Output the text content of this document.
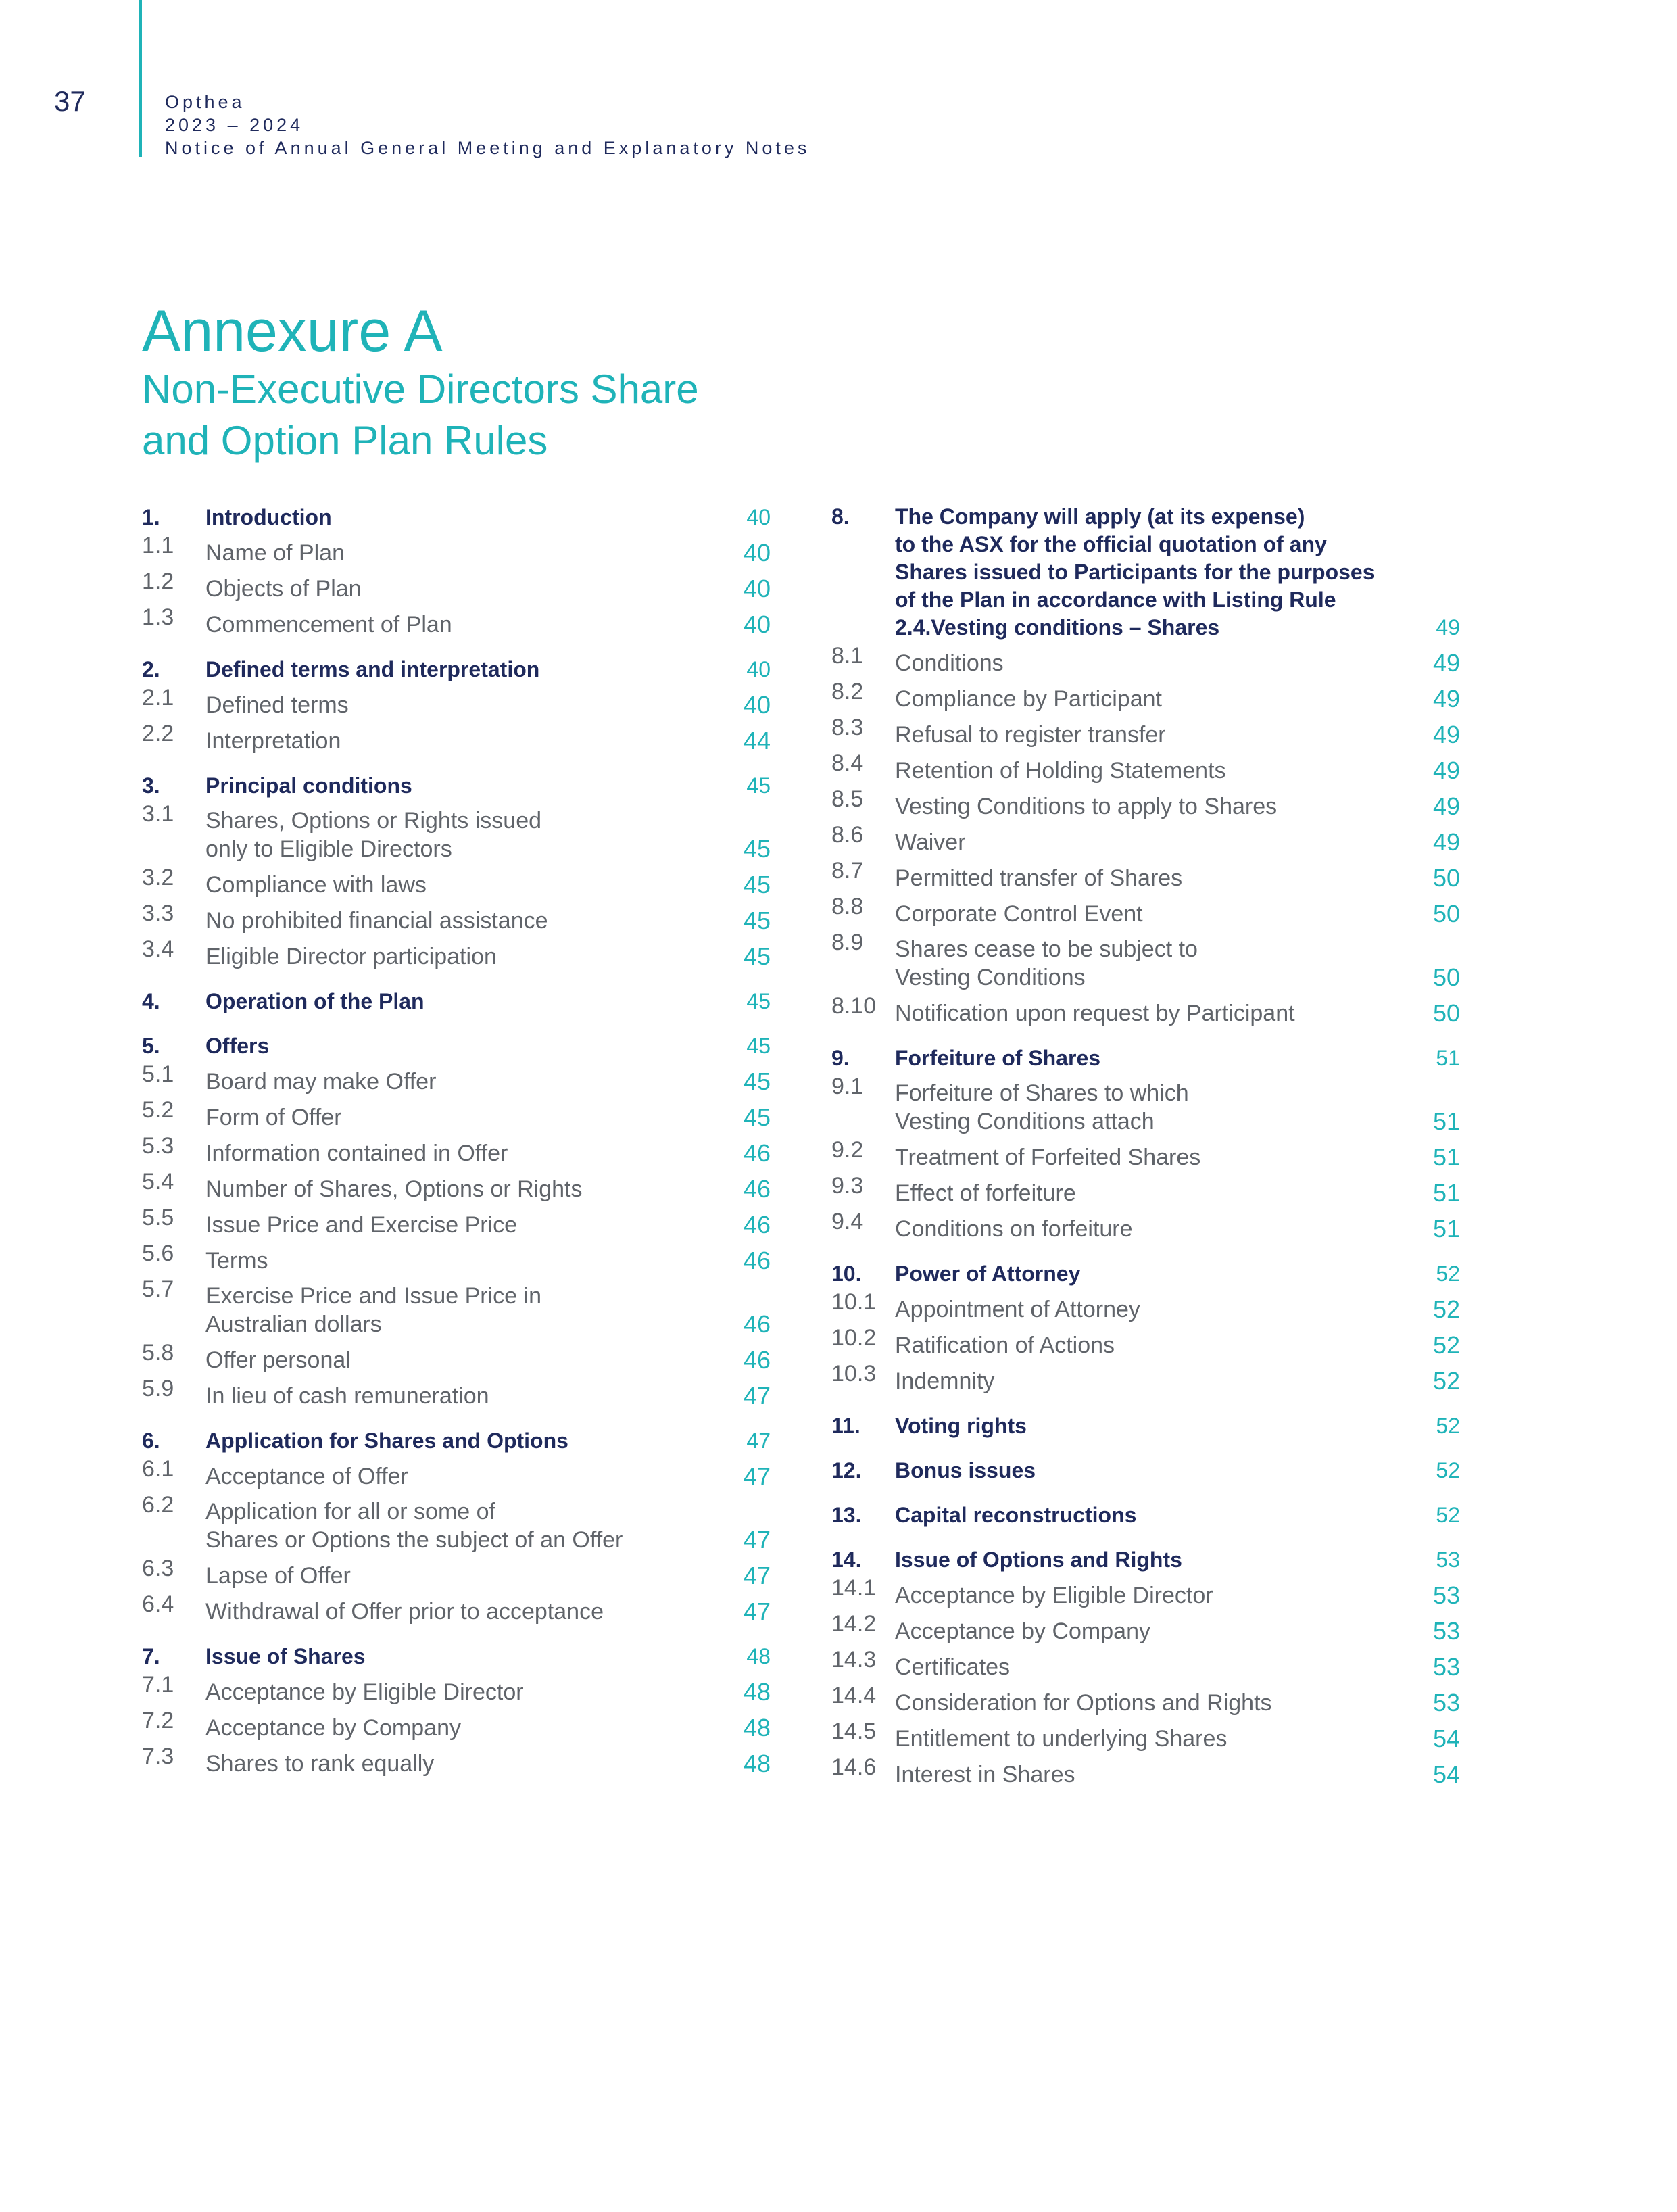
37	Opthea
2023 – 2024
Notice of Annual General Meeting and Explanatory Notes
Annexure A
Non-Executive Directors Share
and Option Plan Rules
1.	Introduction	40
1.1	Name of Plan	40
1.2	Objects of Plan	40
1.3	Commencement of Plan	40
2.	Defined terms and interpretation	40
2.1	Defined terms	40
2.2	Interpretation	44
3.	Principal conditions	45
3.1	Shares, Options or Rights issued
only to Eligible Directors	45
3.2	Compliance with laws	45
3.3	No prohibited financial assistance	45
3.4	Eligible Director participation	45
4.	Operation of the Plan	45
5.	Offers	45
5.1	Board may make Offer	45
5.2	Form of Offer	45
5.3	Information contained in Offer	46
5.4	Number of Shares, Options or Rights	46
5.5	Issue Price and Exercise Price	46
5.6	Terms	46
5.7	Exercise Price and Issue Price in
Australian dollars	46
5.8	Offer personal	46
5.9	In lieu of cash remuneration	47
6.	Application for Shares and Options	47
6.1	Acceptance of Offer	47
6.2	Application for all or some of
Shares or Options the subject of an Offer	47
6.3	Lapse of Offer	47
6.4	Withdrawal of Offer prior to acceptance	47
7.	Issue of Shares	48
7.1	Acceptance by Eligible Director	48
7.2	Acceptance by Company	48
7.3	Shares to rank equally	48
8.	The Company will apply (at its expense)
to the ASX for the official quotation of any
Shares issued to Participants for the purposes
of the Plan in accordance with Listing Rule
2.4.Vesting conditions – Shares	49
8.1	Conditions	49
8.2	Compliance by Participant	49
8.3	Refusal to register transfer	49
8.4	Retention of Holding Statements	49
8.5	Vesting Conditions to apply to Shares	49
8.6	Waiver	49
8.7	Permitted transfer of Shares	50
8.8	Corporate Control Event	50
8.9	Shares cease to be subject to
Vesting Conditions	50
8.10 Notification upon request by Participant	50
9.	Forfeiture of Shares	51
9.1	Forfeiture of Shares to which
Vesting Conditions attach	51
9.2	Treatment of Forfeited Shares	51
9.3	Effect of forfeiture	51
9.4	Conditions on forfeiture	51
10.	Power of Attorney	52
10.1 Appointment of Attorney	52
10.2 Ratification of Actions	52
10.3 Indemnity	52
11.	Voting rights	52
12.	Bonus issues	52
13.	Capital reconstructions	52
14.	Issue of Options and Rights	53
14.1 Acceptance by Eligible Director	53
14.2 Acceptance by Company	53
14.3 Certificates	53
14.4 Consideration for Options and Rights	53
14.5 Entitlement to underlying Shares	54
14.6 Interest in Shares	54
